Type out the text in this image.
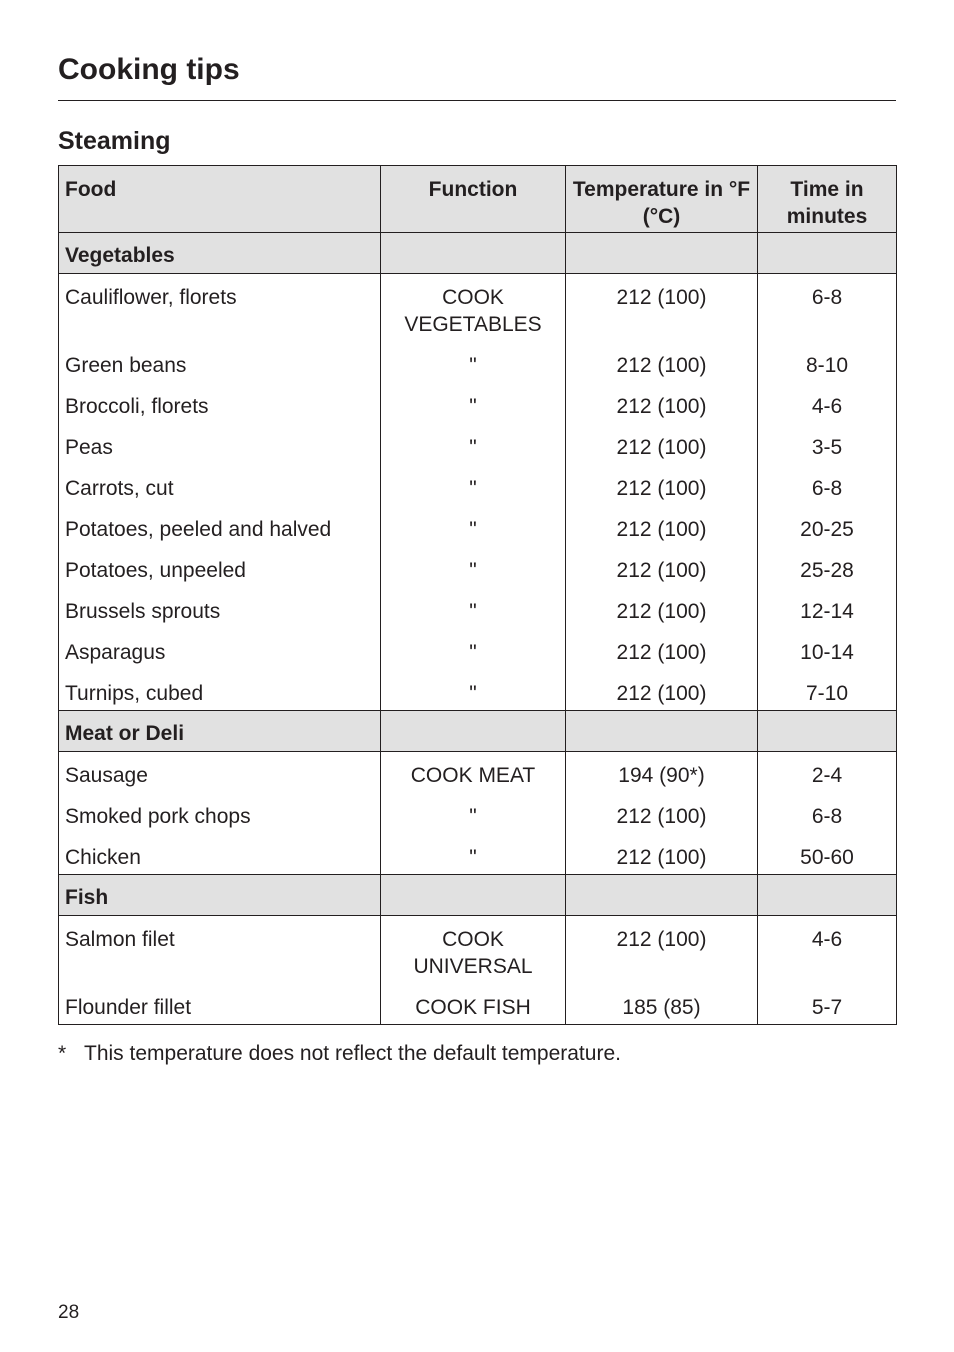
Cooking tips
Steaming
Food	Function	Temperature in °F (°C)	Time in minutes
Vegetables			
Cauliflower, florets	COOK VEGETABLES	212 (100)	6-8
Green beans	"	212 (100)	8-10
Broccoli, florets	"	212 (100)	4-6
Peas	"	212 (100)	3-5
Carrots, cut	"	212 (100)	6-8
Potatoes, peeled and halved	"	212 (100)	20-25
Potatoes, unpeeled	"	212 (100)	25-28
Brussels sprouts	"	212 (100)	12-14
Asparagus	"	212 (100)	10-14
Turnips, cubed	"	212 (100)	7-10
Meat or Deli			
Sausage	COOK MEAT	194 (90*)	2-4
Smoked pork chops	"	212 (100)	6-8
Chicken	"	212 (100)	50-60
Fish			
Salmon filet	COOK UNIVERSAL	212 (100)	4-6
Flounder fillet	COOK FISH	185 (85)	5-7
* This temperature does not reflect the default temperature.
28
